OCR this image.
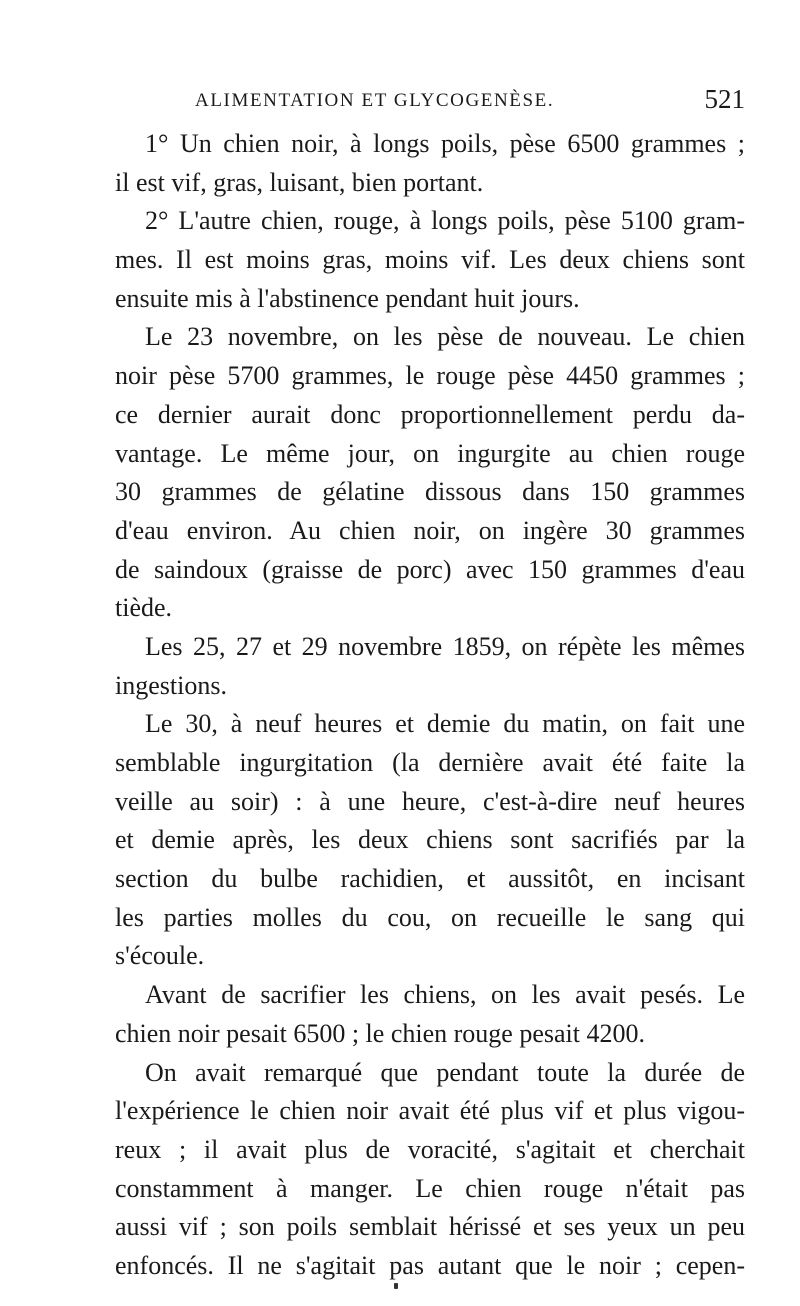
ALIMENTATION ET GLYCOGENÈSE.	521
1° Un chien noir, à longs poils, pèse 6500 grammes ;
il est vif, gras, luisant, bien portant.
2° L'autre chien, rouge, à longs poils, pèse 5100 gram-
mes. Il est moins gras, moins vif. Les deux chiens sont
ensuite mis à l'abstinence pendant huit jours.
Le 23 novembre, on les pèse de nouveau. Le chien
noir pèse 5700 grammes, le rouge pèse 4450 grammes ;
ce dernier aurait donc proportionnellement perdu da-
vantage. Le même jour, on ingurgite au chien rouge
30 grammes de gélatine dissous dans 150 grammes
d'eau environ. Au chien noir, on ingère 30 grammes
de saindoux (graisse de porc) avec 150 grammes d'eau
tiède.
Les 25, 27 et 29 novembre 1859, on répète les mêmes
ingestions.
Le 30, à neuf heures et demie du matin, on fait une
semblable ingurgitation (la dernière avait été faite la
veille au soir) : à une heure, c'est-à-dire neuf heures
et demie après, les deux chiens sont sacrifiés par la
section du bulbe rachidien, et aussitôt, en incisant
les parties molles du cou, on recueille le sang qui
s'écoule.
Avant de sacrifier les chiens, on les avait pesés. Le
chien noir pesait 6500 ; le chien rouge pesait 4200.
On avait remarqué que pendant toute la durée de
l'expérience le chien noir avait été plus vif et plus vigou-
reux ; il avait plus de voracité, s'agitait et cherchait
constamment à manger. Le chien rouge n'était pas
aussi vif ; son poils semblait hérissé et ses yeux un peu
enfoncés. Il ne s'agitait pas autant que le noir ; cepen-
